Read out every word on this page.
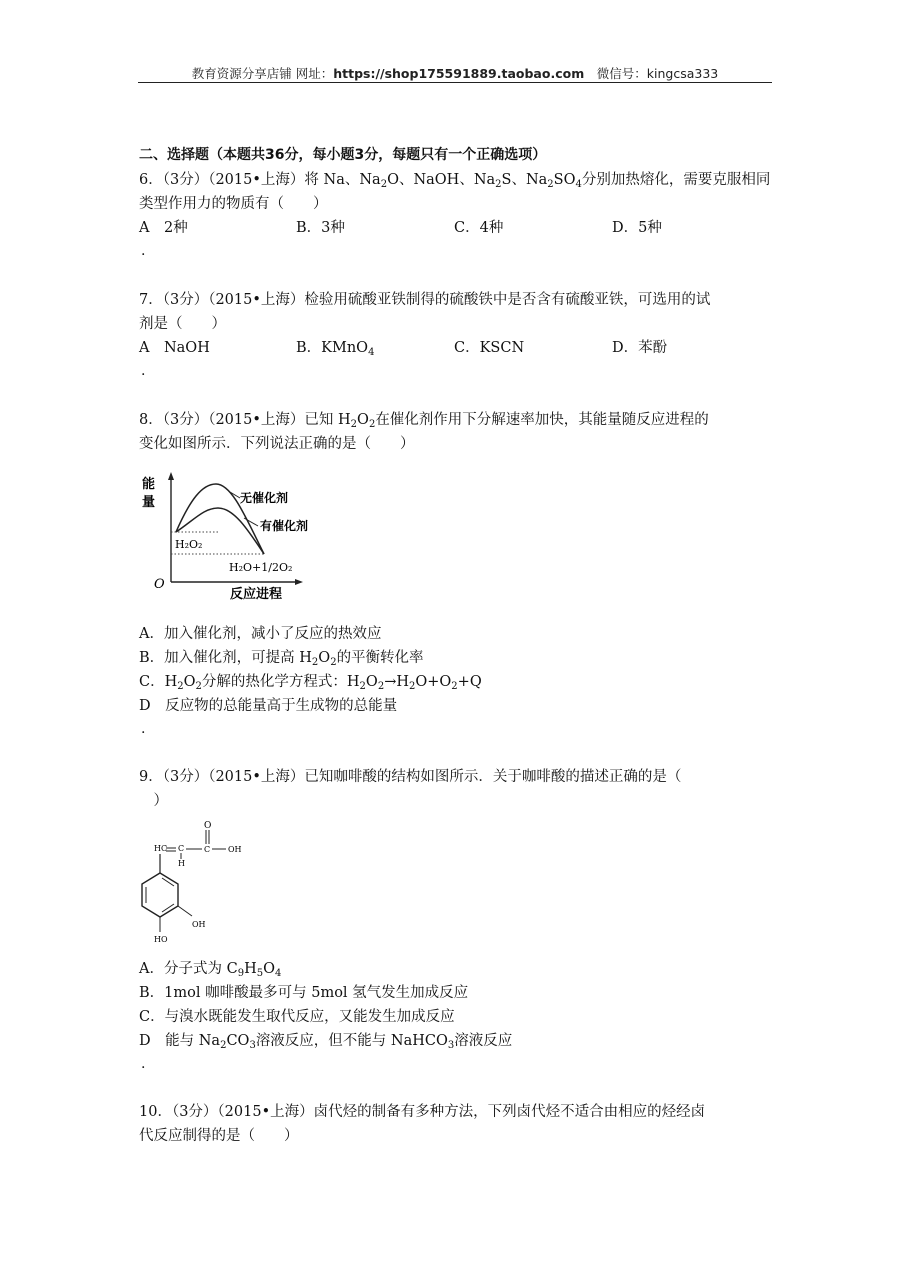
教育资源分享店铺 网址：https://shop175591889.taobao.com　 微信号：kingcsa333
二、选择题（本题共36分，每小题3分，每题只有一个正确选项）
6．（3分）（2015•上海）将 Na、$Na_2O$、NaOH、$Na_2S$、$Na_2SO_4$分别加热熔化，需要克服相同
类型作用力的物质有（　　）
A　2种	B．3种	C．4种	D．5种
.
7．（3分）（2015•上海）检验用硫酸亚铁制得的硫酸铁中是否含有硫酸亚铁，可选用的试
剂是（　　）
A　NaOH	B．KMnO$_4$	C．KSCN	D．苯酚
.
8．（3分）（2015•上海）已知 $H_2O_2$在催化剂作用下分解速率加快，其能量随反应进程的
变化如图所示．下列说法正确的是（　　）
能
量	无催化剂
有催化剂
H₂O₂
H₂O+1/2O₂
O
反应进程
A．加入催化剂，减小了反应的热效应
B．加入催化剂，可提高 $H_2O_2$的平衡转化率
C．$H_2O_2$分解的热化学方程式：$H_2O_2\to H_2O+O_2+Q$
D　反应物的总能量高于生成物的总能量
.
9．（3分）（2015•上海）已知咖啡酸的结构如图所示．关于咖啡酸的描述正确的是（
　）
O
HC C
H
C OH
OH
HO
A．分子式为 $C_9H_5O_4$
B．1mol 咖啡酸最多可与 5mol 氢气发生加成反应
C．与溴水既能发生取代反应，又能发生加成反应
D　能与 $Na_2CO_3$溶液反应，但不能与 NaHCO$_3$溶液反应
.
10．（3分）（2015•上海）卤代烃的制备有多种方法，下列卤代烃不适合由相应的烃经卤
代反应制得的是（　　）
